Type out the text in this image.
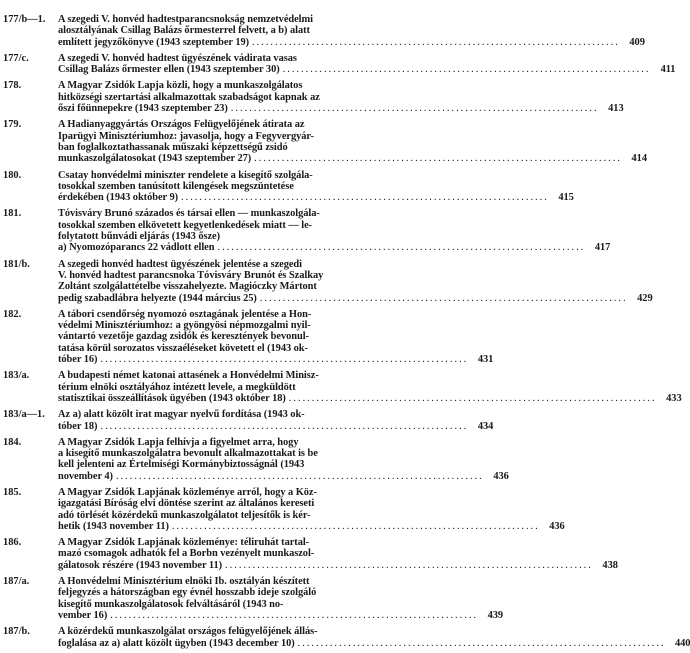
177/b—1.	A szegedi V. honvéd hadtestparancsnokság nemzetvédelmi
alosztályának Csillag Balázs őrmesterrel felvett, a b) alatt
említett jegyzőkönyve (1943 szeptember 19) ................................................................................ 409
177/c.	A szegedi V. honvéd hadtest ügyészének vádirata vasas
Csillag Balázs őrmester ellen (1943 szeptember 30) ................................................................................ 411
178.	A Magyar Zsidók Lapja közli, hogy a munkaszolgálatos
hitközségi szertartási alkalmazottak szabadságot kapnak az
őszi főünnepekre (1943 szeptember 23) ................................................................................ 413
179.	A Hadianyaggyártás Országos Felügyelőjének átirata az
Iparügyi Minisztériumhoz: javasolja, hogy a Fegyvergyár-
ban foglalkoztathassanak műszaki képzettségű zsidó
munkaszolgálatosokat (1943 szeptember 27) ................................................................................ 414
180.	Csatay honvédelmi miniszter rendelete a kisegítő szolgála-
tosokkal szemben tanúsított kilengések megszüntetése
érdekében (1943 október 9) ................................................................................ 415
181.	Tóvisváry Brunó százados és társai ellen — munkaszolgála-
tosokkal szemben elkövetett kegyetlenkedések miatt — le-
folytatott bűnvádi eljárás (1943 ősze)
a) Nyomozóparancs 22 vádlott ellen ................................................................................ 417
181/b.	A szegedi honvéd hadtest ügyészének jelentése a szegedi
V. honvéd hadtest parancsnoka Tóvisváry Brunót és Szalkay
Zoltánt szolgálattételbe visszahelyezte. Magióczky Mártont
pedig szabadlábra helyezte (1944 március 25) ................................................................................ 429
182.	A tábori csendőrség nyomozó osztagának jelentése a Hon-
védelmi Minisztériumhoz: a gyöngyösi népmozgalmi nyil-
vántartó vezetője gazdag zsidók és keresztények bevonul-
tatása körül sorozatos visszaéléseket követett el (1943 ok-
tóber 16) ................................................................................ 431
183/a.	A budapesti német katonai attasének a Honvédelmi Minisz-
térium elnöki osztályához intézett levele, a megküldött
statisztikai összeállítások ügyében (1943 október 18) ................................................................................ 433
183/a—1.	Az a) alatt közölt irat magyar nyelvű fordítása (1943 ok-
tóber 18) ................................................................................ 434
184.	A Magyar Zsidók Lapja felhívja a figyelmet arra, hogy
a kisegítő munkaszolgálatra bevonult alkalmazottakat is be
kell jelenteni az Értelmiségi Kormánybiztosságnál (1943
november 4) ................................................................................ 436
185.	A Magyar Zsidók Lapjának közleménye arról, hogy a Köz-
igazgatási Bíróság elvi döntése szerint az általános kereseti
adó törlését közérdekű munkaszolgálatot teljesítők is kér-
hetik (1943 november 11) ................................................................................ 436
186.	A Magyar Zsidók Lapjának közleménye: téliruhát tartal-
mazó csomagok adhatók fel a Borbn vezényelt munkaszol-
gálatosok részére (1943 november 11) ................................................................................ 438
187/a.	A Honvédelmi Minisztérium elnöki Ib. osztályán készített
feljegyzés a hátországban egy évnél hosszabb ideje szolgáló
kisegítő munkaszolgálatosok felváltásáról (1943 no-
vember 16) ................................................................................ 439
187/b.	A közérdekű munkaszolgálat országos felügyelőjének állás-
foglalása az a) alatt közölt ügyben (1943 december 10) ................................................................................ 440
